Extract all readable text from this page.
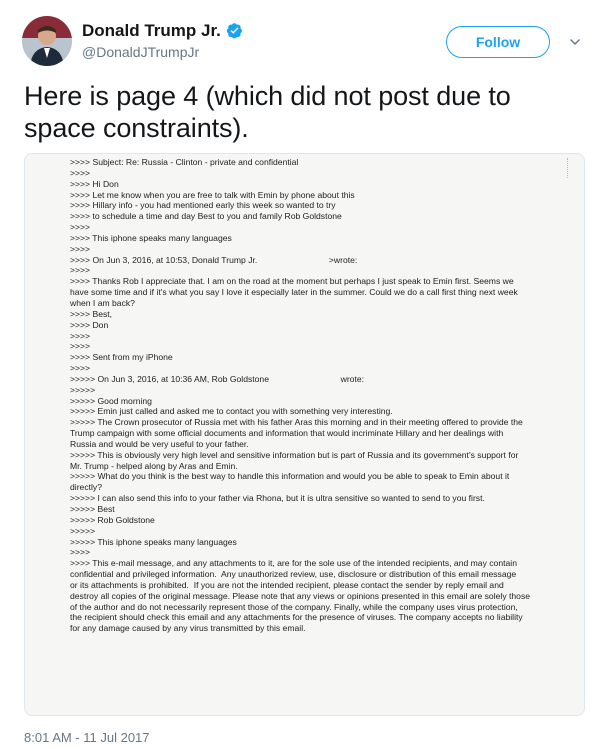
Donald Trump Jr.
@DonaldJTrumpJr
Follow
Here is page 4 (which did not post due to space constraints).
>>>> Subject: Re: Russia - Clinton - private and confidential
>>>>
>>>> Hi Don
>>>> Let me know when you are free to talk with Emin by phone about this
>>>> Hillary info - you had mentioned early this week so wanted to try
>>>> to schedule a time and day Best to you and family Rob Goldstone
>>>>
>>>> This iphone speaks many languages
>>>>
>>>> On Jun 3, 2016, at 10:53, Donald Trump Jr.                              >wrote:
>>>>
>>>> Thanks Rob I appreciate that. I am on the road at the moment but perhaps I just speak to Emin first. Seems we
have some time and if it's what you say I love it especially later in the summer. Could we do a call first thing next week
when I am back?
>>>> Best,
>>>> Don
>>>>
>>>>
>>>> Sent from my iPhone
>>>>
>>>>> On Jun 3, 2016, at 10:36 AM, Rob Goldstone                              wrote:
>>>>>
>>>>> Good morning
>>>>> Emin just called and asked me to contact you with something very interesting.
>>>>> The Crown prosecutor of Russia met with his father Aras this morning and in their meeting offered to provide the
Trump campaign with some official documents and information that would incriminate Hillary and her dealings with
Russia and would be very useful to your father.
>>>>> This is obviously very high level and sensitive information but is part of Russia and its government's support for
Mr. Trump - helped along by Aras and Emin.
>>>>> What do you think is the best way to handle this information and would you be able to speak to Emin about it
directly?
>>>>> I can also send this info to your father via Rhona, but it is ultra sensitive so wanted to send to you first.
>>>>> Best
>>>>> Rob Goldstone
>>>>>
>>>>> This iphone speaks many languages
>>>>
>>>> This e-mail message, and any attachments to it, are for the sole use of the intended recipients, and may contain
confidential and privileged information.  Any unauthorized review, use, disclosure or distribution of this email message
or its attachments is prohibited.  If you are not the intended recipient, please contact the sender by reply email and
destroy all copies of the original message. Please note that any views or opinions presented in this email are solely those
of the author and do not necessarily represent those of the company. Finally, while the company uses virus protection,
the recipient should check this email and any attachments for the presence of viruses. The company accepts no liability
for any damage caused by any virus transmitted by this email.
8:01 AM - 11 Jul 2017
